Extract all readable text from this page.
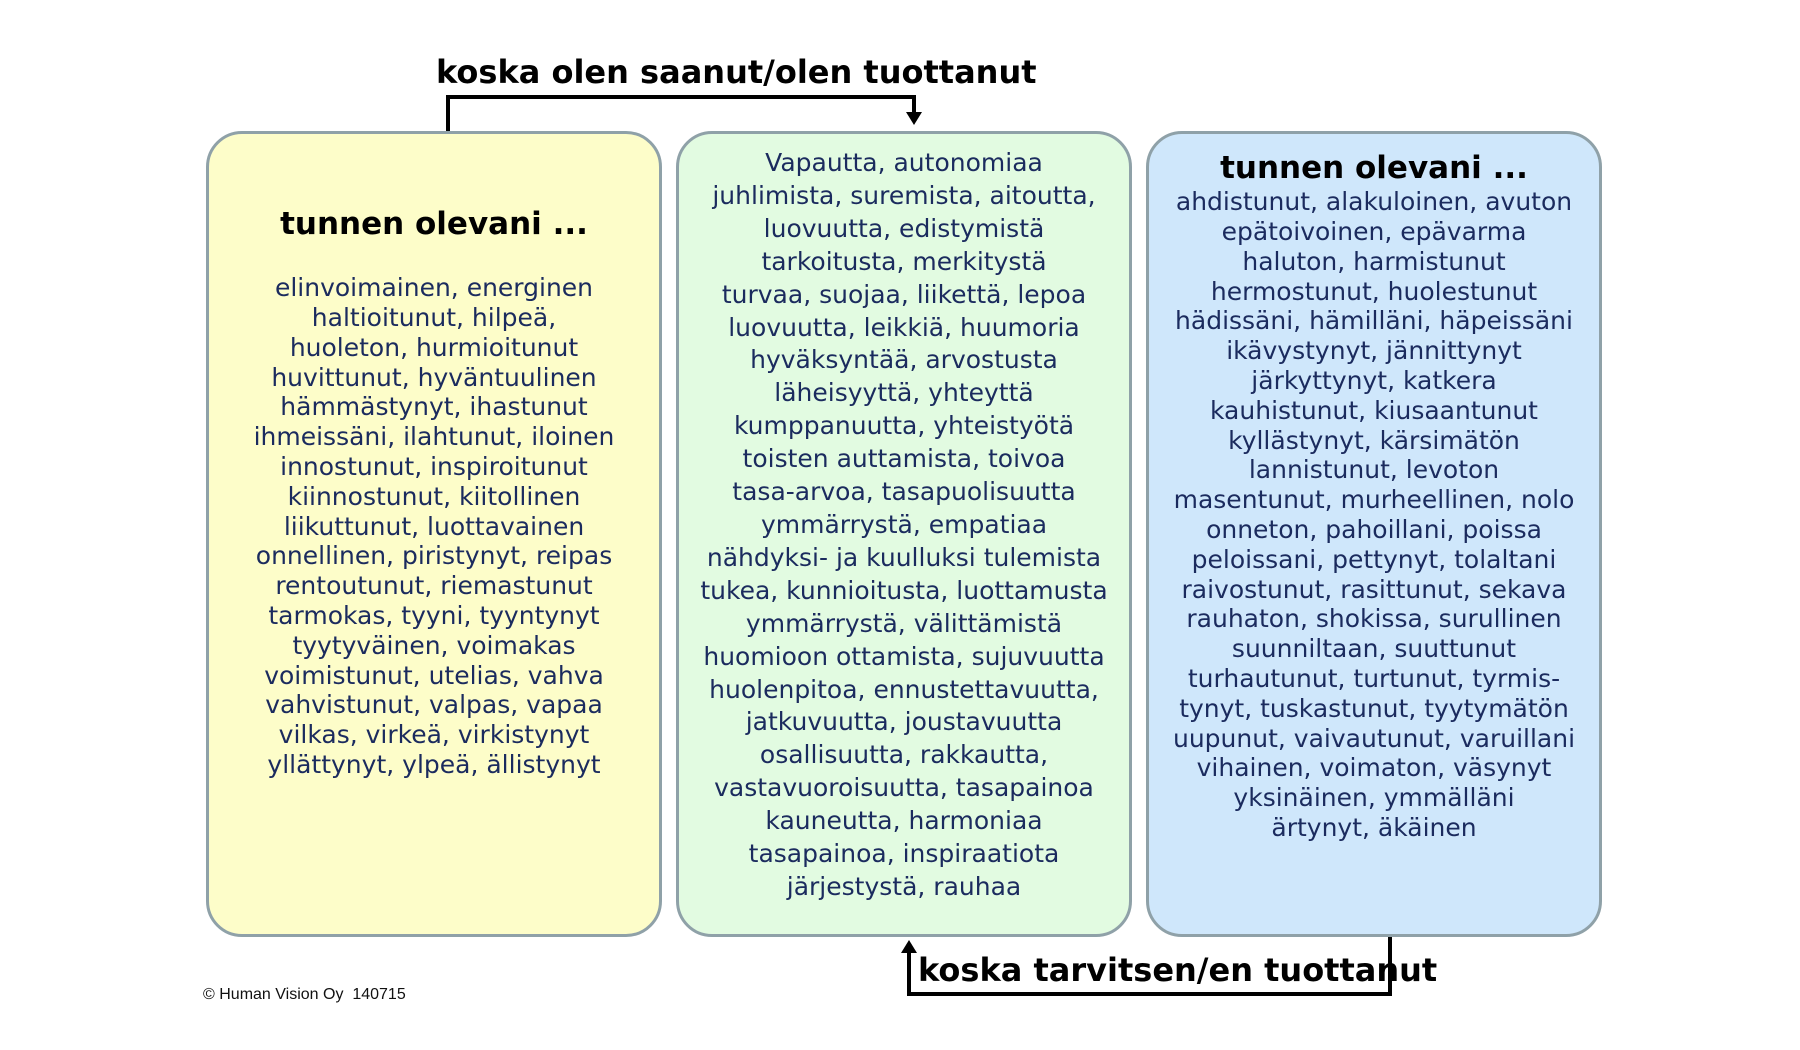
koska olen saanut/olen tuottanut
koska tarvitsen/en tuottanut
tunnen olevani ...
elinvoimainen, energinen
haltioitunut, hilpeä,
huoleton, hurmioitunut
huvittunut, hyväntuulinen
hämmästynyt, ihastunut
ihmeissäni, ilahtunut, iloinen
innostunut, inspiroitunut
kiinnostunut, kiitollinen
liikuttunut, luottavainen
onnellinen, piristynyt, reipas
rentoutunut, riemastunut
tarmokas, tyyni, tyyntynyt
tyytyväinen, voimakas
voimistunut, utelias, vahva
vahvistunut, valpas, vapaa
vilkas, virkeä, virkistynyt
yllättynyt, ylpeä, ällistynyt
Vapautta, autonomiaa
juhlimista, suremista, aitoutta,
luovuutta, edistymistä
tarkoitusta, merkitystä
turvaa, suojaa, liikettä, lepoa
luovuutta, leikkiä, huumoria
hyväksyntää, arvostusta
läheisyyttä, yhteyttä
kumppanuutta, yhteistyötä
toisten auttamista, toivoa
tasa-arvoa, tasapuolisuutta
ymmärrystä, empatiaa
nähdyksi- ja kuulluksi tulemista
tukea, kunnioitusta, luottamusta
ymmärrystä, välittämistä
huomioon ottamista, sujuvuutta
huolenpitoa, ennustettavuutta,
jatkuvuutta, joustavuutta
osallisuutta, rakkautta,
vastavuoroisuutta, tasapainoa
kauneutta, harmoniaa
tasapainoa, inspiraatiota
järjestystä, rauhaa
tunnen olevani ...
ahdistunut, alakuloinen, avuton
epätoivoinen, epävarma
haluton, harmistunut
hermostunut, huolestunut
hädissäni, hämilläni, häpeissäni
ikävystynyt, jännittynyt
järkyttynyt, katkera
kauhistunut, kiusaantunut
kyllästynyt, kärsimätön
lannistunut, levoton
masentunut, murheellinen, nolo
onneton, pahoillani, poissa
peloissani, pettynyt, tolaltani
raivostunut, rasittunut, sekava
rauhaton, shokissa, surullinen
suunniltaan, suuttunut
turhautunut, turtunut, tyrmis-
tynyt, tuskastunut, tyytymätön
uupunut, vaivautunut, varuillani
vihainen, voimaton, väsynyt
yksinäinen, ymmälläni
ärtynyt, äkäinen
© Human Vision Oy  140715
